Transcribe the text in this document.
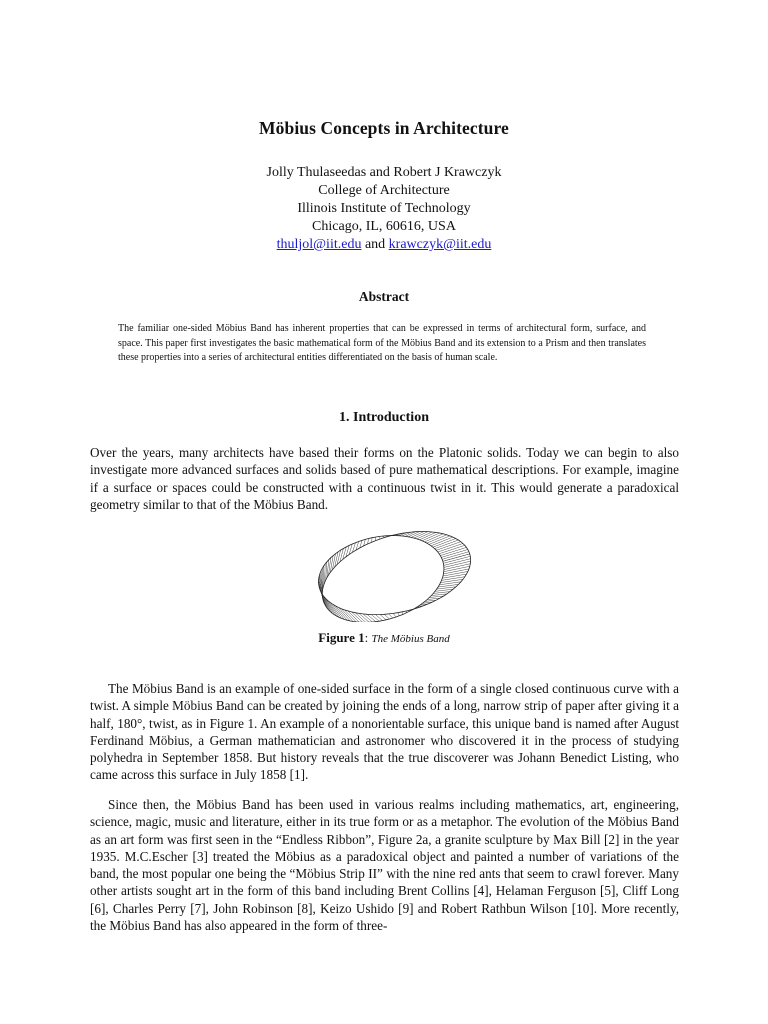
Möbius Concepts in Architecture
Jolly Thulaseedas and Robert J Krawczyk
College of Architecture
Illinois Institute of Technology
Chicago, IL, 60616, USA
thuljol@iit.edu and krawczyk@iit.edu
Abstract
The familiar one-sided Möbius Band has inherent properties that can be expressed in terms of architectural form, surface, and space. This paper first investigates the basic mathematical form of the Möbius Band and its extension to a Prism and then translates these properties into a series of architectural entities differentiated on the basis of human scale.
1. Introduction
Over the years, many architects have based their forms on the Platonic solids. Today we can begin to also investigate more advanced surfaces and solids based of pure mathematical descriptions. For example, imagine if a surface or spaces could be constructed with a continuous twist in it. This would generate a paradoxical geometry similar to that of the Möbius Band.
Figure 1: The Möbius Band
The Möbius Band is an example of one-sided surface in the form of a single closed continuous curve with a twist. A simple Möbius Band can be created by joining the ends of a long, narrow strip of paper after giving it a half, 180°, twist, as in Figure 1. An example of a nonorientable surface, this unique band is named after August Ferdinand Möbius, a German mathematician and astronomer who discovered it in the process of studying polyhedra in September 1858. But history reveals that the true discoverer was Johann Benedict Listing, who came across this surface in July 1858 [1].
Since then, the Möbius Band has been used in various realms including mathematics, art, engineering, science, magic, music and literature, either in its true form or as a metaphor. The evolution of the Möbius Band as an art form was first seen in the “Endless Ribbon”, Figure 2a, a granite sculpture by Max Bill [2] in the year 1935. M.C.Escher [3] treated the Möbius as a paradoxical object and painted a number of variations of the band, the most popular one being the “Möbius Strip II” with the nine red ants that seem to crawl forever. Many other artists sought art in the form of this band including Brent Collins [4], Helaman Ferguson [5], Cliff Long [6], Charles Perry [7], John Robinson [8], Keizo Ushido [9] and Robert Rathbun Wilson [10]. More recently, the Möbius Band has also appeared in the form of three-
